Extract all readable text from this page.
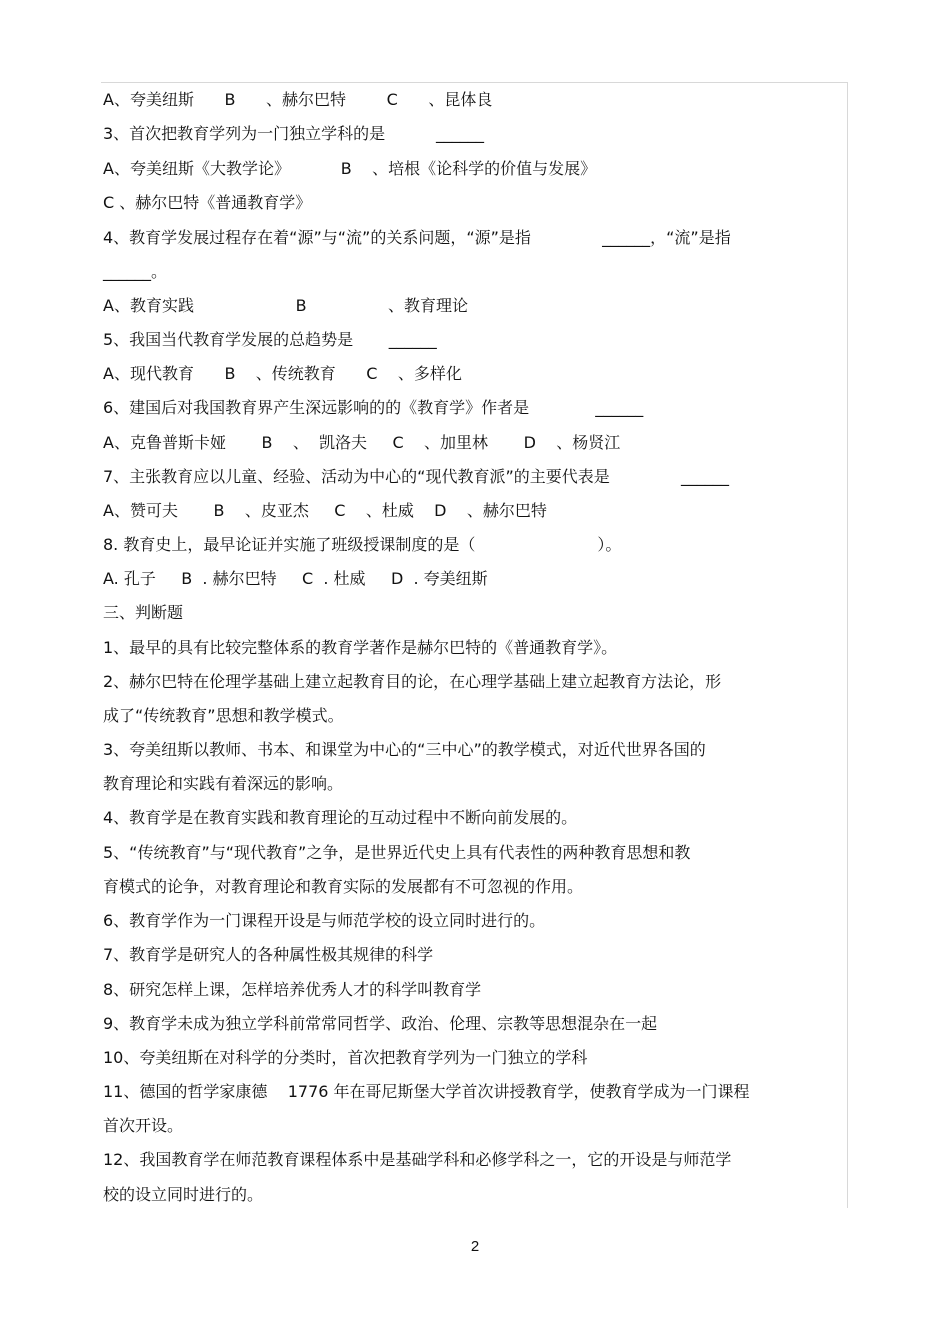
A、夸美纽斯      B      、赫尔巴特        C      、昆体良
3、首次把教育学列为一门独立学科的是          ______
A、夸美纽斯《大教学论》          B    、培根《论科学的价值与发展》
C 、赫尔巴特《普通教育学》
4、教育学发展过程存在着“源”与“流”的关系问题，“源”是指              ______，“流”是指
______。
A、教育实践                    B                、教育理论
5、我国当代教育学发展的总趋势是       ______
A、现代教育      B    、传统教育      C    、多样化
6、建国后对我国教育界产生深远影响的的《教育学》作者是             ______
A、克鲁普斯卡娅       B    、  凯洛夫     C    、加里林       D    、杨贤江
7、主张教育应以儿童、经验、活动为中心的“现代教育派”的主要代表是              ______
A、赞可夫       B    、皮亚杰     C    、杜威    D    、赫尔巴特
8. 教育史上，最早论证并实施了班级授课制度的是（                        ）。
A. 孔子     B  . 赫尔巴特     C  . 杜威     D  . 夸美纽斯
三、判断题
1、最早的具有比较完整体系的教育学著作是赫尔巴特的《普通教育学》。
2、赫尔巴特在伦理学基础上建立起教育目的论，在心理学基础上建立起教育方法论，形
成了“传统教育”思想和教学模式。
3、夸美纽斯以教师、书本、和课堂为中心的“三中心”的教学模式，对近代世界各国的
教育理论和实践有着深远的影响。
4、教育学是在教育实践和教育理论的互动过程中不断向前发展的。
5、“传统教育”与“现代教育”之争，是世界近代史上具有代表性的两种教育思想和教
育模式的论争，对教育理论和教育实际的发展都有不可忽视的作用。
6、教育学作为一门课程开设是与师范学校的设立同时进行的。
7、教育学是研究人的各种属性极其规律的科学
8、研究怎样上课，怎样培养优秀人才的科学叫教育学
9、教育学未成为独立学科前常常同哲学、政治、伦理、宗教等思想混杂在一起
10、夸美纽斯在对科学的分类时，首次把教育学列为一门独立的学科
11、德国的哲学家康德    1776 年在哥尼斯堡大学首次讲授教育学，使教育学成为一门课程
首次开设。
12、我国教育学在师范教育课程体系中是基础学科和必修学科之一，它的开设是与师范学
校的设立同时进行的。
2
